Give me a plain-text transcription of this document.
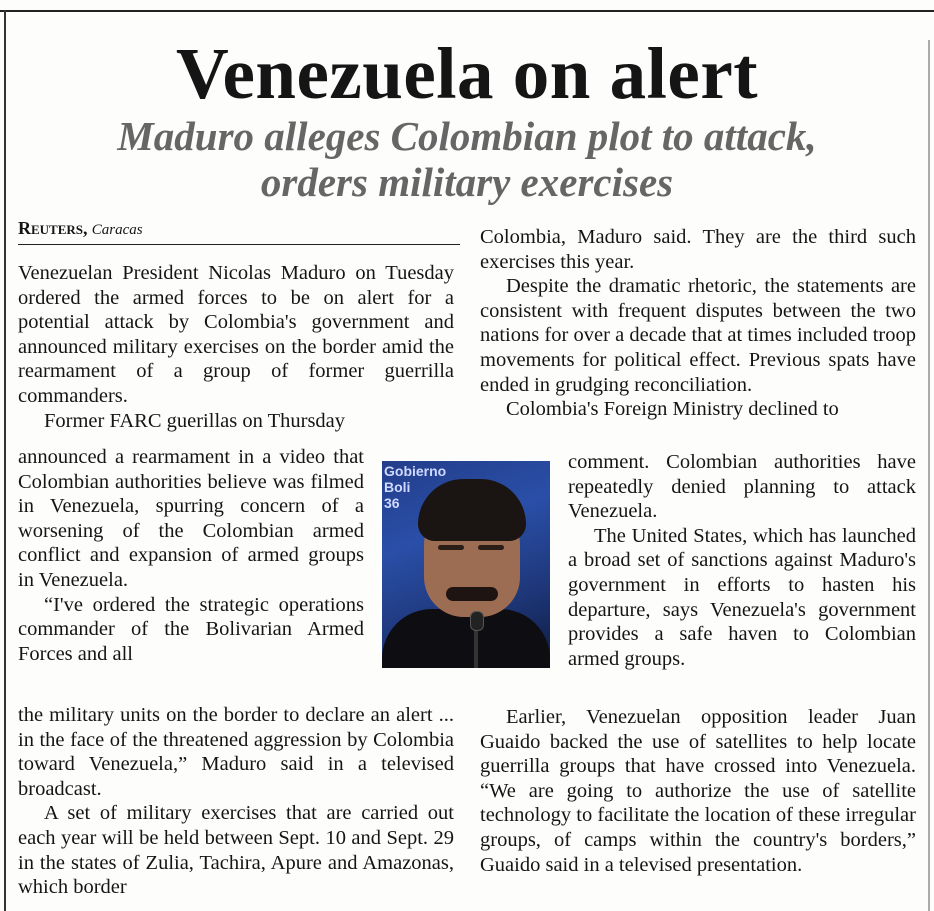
Venezuela on alert
Maduro alleges Colombian plot to attack,
orders military exercises
Reuters, Caracas

Venezuelan President Nicolas Maduro on Tuesday ordered the armed forces to be on alert for a potential attack by Colombia's government and announced military exercises on the border amid the rearmament of a group of former guerrilla commanders.

Former FARC guerillas on Thursday

announced a rearmament in a video that Colombian authorities believe was filmed in Venezuela, spurring concern of a worsening of the Colombian armed conflict and expansion of armed groups in Venezuela.

“I've ordered the strategic operations commander of the Bolivarian Armed Forces and all

the military units on the border to declare an alert ... in the face of the threatened aggression by Colombia toward Venezuela,” Maduro said in a televised broadcast.

A set of military exercises that are carried out each year will be held between Sept. 10 and Sept. 29 in the states of Zulia, Tachira, Apure and Amazonas, which border

Gobierno
Boli
36

Colombia, Maduro said. They are the third such exercises this year.

Despite the dramatic rhetoric, the statements are consistent with frequent disputes between the two nations for over a decade that at times included troop movements for political effect. Previous spats have ended in grudging reconciliation.

Colombia's Foreign Ministry declined to

comment. Colombian authorities have repeatedly denied planning to attack Venezuela.

The United States, which has launched a broad set of sanctions against Maduro's government in efforts to hasten his departure, says Venezuela's government provides a safe haven to Colombian armed groups.

Earlier, Venezuelan opposition leader Juan Guaido backed the use of satellites to help locate guerrilla groups that have crossed into Venezuela. “We are going to authorize the use of satellite technology to facilitate the location of these irregular groups, of camps within the country's borders,” Guaido said in a televised presentation.
